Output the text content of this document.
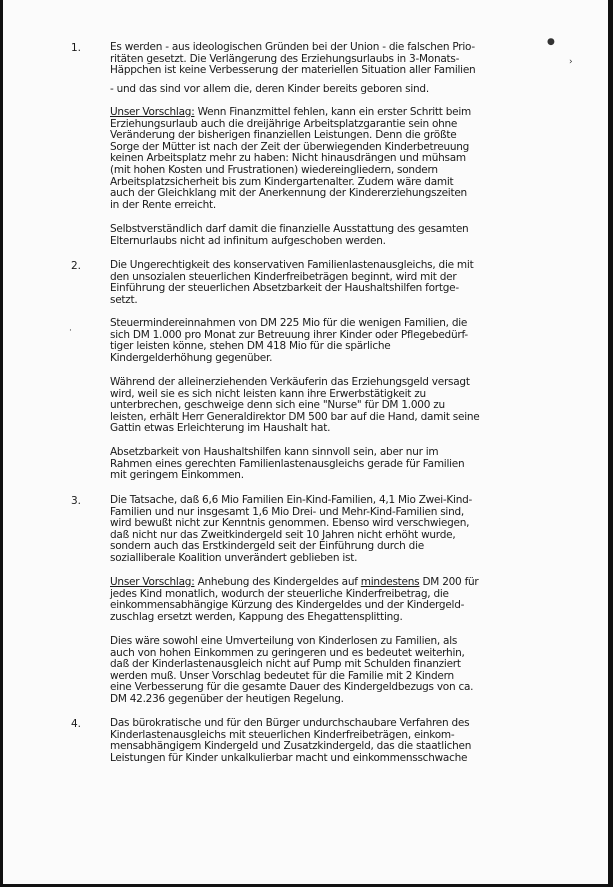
●
›
·
1.	Es werden - aus ideologischen Gründen bei der Union - die falschen Prio-
ritäten gesetzt. Die Verlängerung des Erziehungsurlaubs in 3-Monats-
Häppchen ist keine Verbesserung der materiellen Situation aller Familien

- und das sind vor allem die, deren Kinder bereits geboren sind.

Unser Vorschlag: Wenn Finanzmittel fehlen, kann ein erster Schritt beim
Erziehungsurlaub auch die dreijährige Arbeitsplatzgarantie sein ohne
Veränderung der bisherigen finanziellen Leistungen. Denn die größte
Sorge der Mütter ist nach der Zeit der überwiegenden Kinderbetreuung
keinen Arbeitsplatz mehr zu haben: Nicht hinausdrängen und mühsam
(mit hohen Kosten und Frustrationen) wiedereingliedern, sondern
Arbeitsplatzsicherheit bis zum Kindergartenalter. Zudem wäre damit
auch der Gleichklang mit der Anerkennung der Kindererziehungszeiten
in der Rente erreicht.

Selbstverständlich darf damit die finanzielle Ausstattung des gesamten
Elternurlaubs nicht ad infinitum aufgeschoben werden.

2.	Die Ungerechtigkeit des konservativen Familienlastenausgleichs, die mit
den unsozialen steuerlichen Kinderfreibeträgen beginnt, wird mit der
Einführung der steuerlichen Absetzbarkeit der Haushaltshilfen fortge-
setzt.

Steuermindereinnahmen von DM 225 Mio für die wenigen Familien, die
sich DM 1.000 pro Monat zur Betreuung ihrer Kinder oder Pflegebedürf-
tiger leisten könne, stehen DM 418 Mio für die spärliche
Kindergelderhöhung gegenüber.

Während der alleinerziehenden Verkäuferin das Erziehungsgeld versagt
wird, weil sie es sich nicht leisten kann ihre Erwerbstätigkeit zu
unterbrechen, geschweige denn sich eine "Nurse" für DM 1.000 zu
leisten, erhält Herr Generaldirektor DM 500 bar auf die Hand, damit seine
Gattin etwas Erleichterung im Haushalt hat.

Absetzbarkeit von Haushaltshilfen kann sinnvoll sein, aber nur im
Rahmen eines gerechten Familienlastenausgleichs gerade für Familien
mit geringem Einkommen.

3.	Die Tatsache, daß 6,6 Mio Familien Ein-Kind-Familien, 4,1 Mio Zwei-Kind-
Familien und nur insgesamt 1,6 Mio Drei- und Mehr-Kind-Familien sind,
wird bewußt nicht zur Kenntnis genommen. Ebenso wird verschwiegen,
daß nicht nur das Zweitkindergeld seit 10 Jahren nicht erhöht wurde,
sondern auch das Erstkindergeld seit der Einführung durch die
sozialliberale Koalition unverändert geblieben ist.

Unser Vorschlag: Anhebung des Kindergeldes auf mindestens DM 200 für
jedes Kind monatlich, wodurch der steuerliche Kinderfreibetrag, die
einkommensabhängige Kürzung des Kindergeldes und der Kindergeld-
zuschlag ersetzt werden, Kappung des Ehegattensplitting.

Dies wäre sowohl eine Umverteilung von Kinderlosen zu Familien, als
auch von hohen Einkommen zu geringeren und es bedeutet weiterhin,
daß der Kinderlastenausgleich nicht auf Pump mit Schulden finanziert
werden muß. Unser Vorschlag bedeutet für die Familie mit 2 Kindern
eine Verbesserung für die gesamte Dauer des Kindergeldbezugs von ca.
DM 42.236 gegenüber der heutigen Regelung.

4.	Das bürokratische und für den Bürger undurchschaubare Verfahren des
Kinderlastenausgleichs mit steuerlichen Kinderfreibeträgen, einkom-
mensabhängigem Kindergeld und Zusatzkindergeld, das die staatlichen
Leistungen für Kinder unkalkulierbar macht und einkommensschwache
